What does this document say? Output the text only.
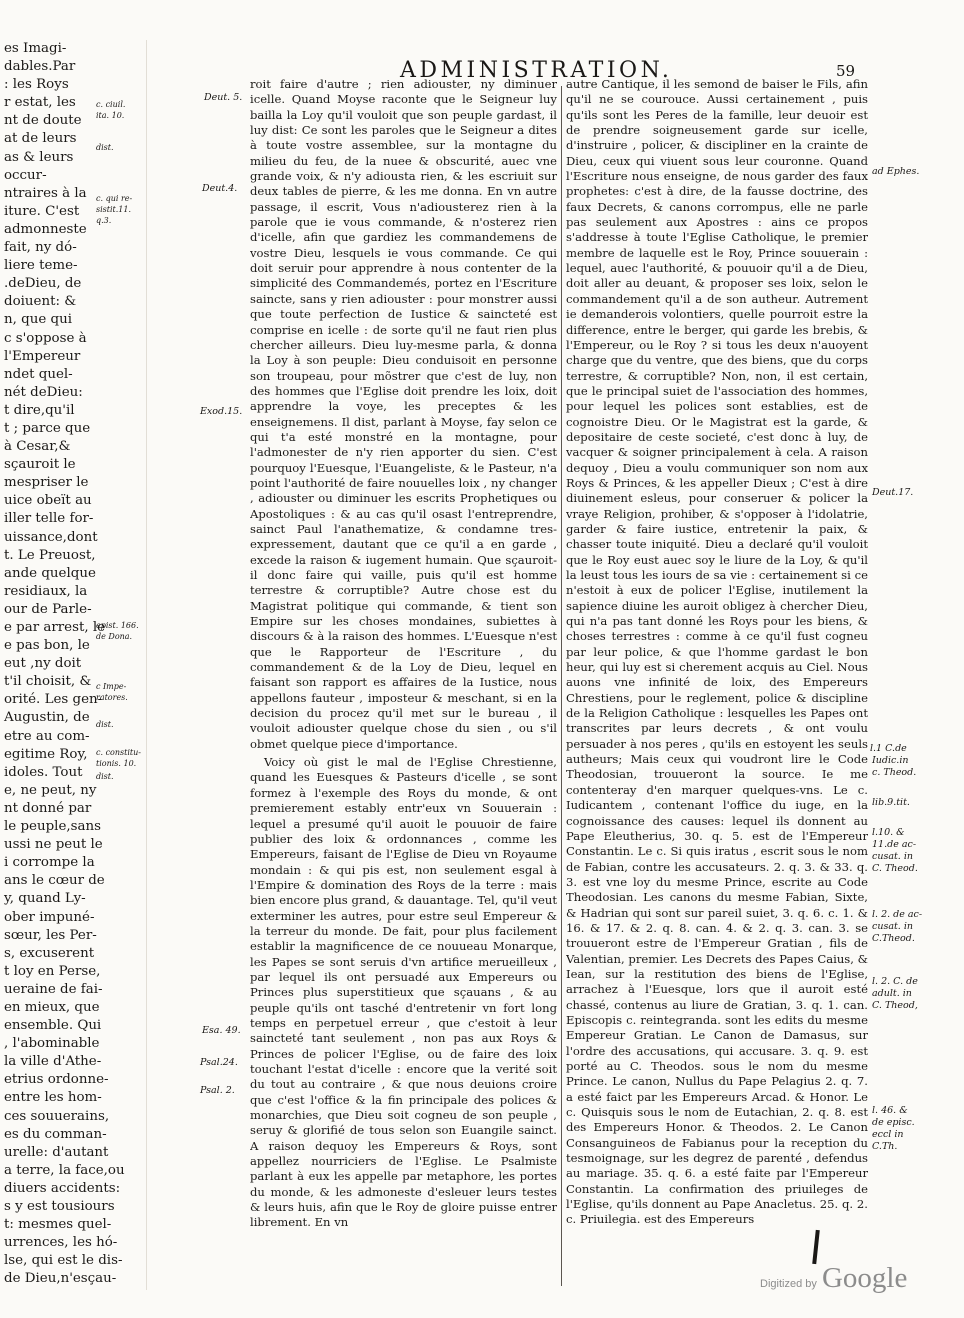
es Imagi-
dables.Par
: les Roys
r estat, les
nt de doute
at de leurs
as & leurs
occur-
ntraires à la
iture. C'est
admonneste
fait, ny dó-
liere teme-
.deDieu, de
doiuent: &
n, que qui
c s'oppose à
l'Empereur
ndet quel-
nét deDieu:
t dire,qu'il
t ; parce que
à Cesar,&
sçauroit le
mespriser le
uice obeït au
iller telle for-
uissance,dont
t. Le Preuost,
ande quelque
residiaux, la
our de Parle-
e par arrest, le
e pas bon, le
eut ,ny doit
t'il choisit, &
orité. Les gen-
Augustin, de
etre au com-
egitime Roy,
idoles. Tout
e, ne peut, ny
nt donné par
le peuple,sans
ussi ne peut le
i corrompe la
ans le cœur de
y, quand Ly-
ober impuné-
sœur, les Per-
s, excuserent
t loy en Perse,
ueraine de fai-
en mieux, que
ensemble. Qui
, l'abominable
la ville d'Athe-
etrius ordonne-
entre les hom-
ces souuerains,
es du comman-
urelle: d'autant
a terre, la face,ou
diuers accidents:
s y est tousiours
t: mesmes quel-
urrences, les hó-
lse, qui est le dis-
de Dieu,n'esçau-
c. ciuil.
ita. 10.
dist.
c. qui re-
sistit.11.
q.3.
epist. 166.
de Dona.
c Impe-
ratores.
dist.
c. constitu-
tionis. 10.
dist.
ADMINISTRATION.	59
Deut. 5.
Deut.4.
Exod.15.
Esa. 49.
Psal.24.
Psal. 2.
ad Ephes.
Deut.17.
l.1 C.de
Iudic.in
c. Theod.
lib.9.tit.
l.10. &
11.de ac-
cusat. in
C. Theod.
l. 2. de ac-
cusat. in
C.Theod.
l. 2. C. de
adult. in
C. Theod,
l. 46. &
de episc.
eccl in
C.Th.

roit faire d'autre ; rien adiouster, ny diminuer icelle. Quand Moyse raconte que le Seigneur luy bailla la Loy qu'il vouloit que son peuple gardast, il luy dist: Ce sont les paroles que le Seigneur a dites à toute vostre assemblee, sur la montagne du milieu du feu, de la nuee & obscurité, auec vne grande voix, & n'y adiousta rien, & les escriuit sur deux tables de pierre, & les me donna. En vn autre passage, il escrit, Vous n'adiousterez rien à la parole que ie vous commande, & n'osterez rien d'icelle, afin que gardiez les commandemens de vostre Dieu, lesquels ie vous commande. Ce qui doit seruir pour apprendre à nous contenter de la simplicité des Commandemés, portez en l'Escriture saincte, sans y rien adiouster : pour monstrer aussi que toute perfection de Iustice & saincteté est comprise en icelle : de sorte qu'il ne faut rien plus chercher ailleurs. Dieu luy-mesme parla, & donna la Loy à son peuple: Dieu conduisoit en personne son troupeau, pour mõstrer que c'est de luy, non des hommes que l'Eglise doit prendre les loix, doit apprendre la voye, les preceptes & les enseignemens. Il dist, parlant à Moyse, fay selon ce qui t'a esté monstré en la montagne, pour l'admonester de n'y rien apporter du sien. C'est pourquoy l'Euesque, l'Euangeliste, & le Pasteur, n'a point l'authorité de faire nouuelles loix , ny changer , adiouster ou diminuer les escrits Prophetiques ou Apostoliques : & au cas qu'il osast l'entreprendre, sainct Paul l'anathematize, & condamne tres-expressement, dautant que ce qu'il a en garde , excede la raison & iugement humain. Que sçauroit-il donc faire qui vaille, puis qu'il est homme terrestre & corruptible? Autre chose est du Magistrat politique qui commande, & tient son Empire sur les choses mondaines, subiettes à discours & à la raison des hommes. L'Euesque n'est que le Rapporteur de l'Escriture , du commandement & de la Loy de Dieu, lequel en faisant son rapport es affaires de la Iustice, nous appellons fauteur , imposteur & meschant, si en la decision du procez qu'il met sur le bureau , il vouloit adiouster quelque chose du sien , ou s'il obmet quelque piece d'importance.

Voicy où gist le mal de l'Eglise Chrestienne, quand les Euesques & Pasteurs d'icelle , se sont formez à l'exemple des Roys du monde, & ont premierement estably entr'eux vn Souuerain : lequel a presumé qu'il auoit le pouuoir de faire publier des loix & ordonnances , comme les Empereurs, faisant de l'Eglise de Dieu vn Royaume mondain : & qui pis est, non seulement esgal à l'Empire & domination des Roys de la terre : mais bien encore plus grand, & dauantage. Tel, qu'il veut exterminer les autres, pour estre seul Empereur & la terreur du monde. De fait, pour plus facilement establir la magnificence de ce nouueau Monarque, les Papes se sont seruis d'vn artifice merueilleux , par lequel ils ont persuadé aux Empereurs ou Princes plus superstitieux que sçauans , & au peuple qu'ils ont tasché d'entretenir vn fort long temps en perpetuel erreur , que c'estoit à leur saincteté tant seulement , non pas aux Roys & Princes de policer l'Eglise, ou de faire des loix touchant l'estat d'icelle : encore que la verité soit du tout au contraire , & que nous deuions croire que c'est l'office & la fin principale des polices & monarchies, que Dieu soit cogneu de son peuple , seruy & glorifié de tous selon son Euangile sainct. A raison dequoy les Empereurs & Roys, sont appellez nourriciers de l'Eglise. Le Psalmiste parlant à eux les appelle par metaphore, les portes du monde, & les admoneste d'esleuer leurs testes & leurs huis, afin que le Roy de gloire puisse entrer librement. En vn

autre Cantique, il les semond de baiser le Fils, afin qu'il ne se courouce. Aussi certainement , puis qu'ils sont les Peres de la famille, leur deuoir est de prendre soigneusement garde sur icelle, d'instruire , policer, & discipliner en la crainte de Dieu, ceux qui viuent sous leur couronne. Quand l'Escriture nous enseigne, de nous garder des faux prophetes: c'est à dire, de la fausse doctrine, des faux Decrets, & canons corrompus, elle ne parle pas seulement aux Apostres : ains ce propos s'addresse à toute l'Eglise Catholique, le premier membre de laquelle est le Roy, Prince souuerain : lequel, auec l'authorité, & pouuoir qu'il a de Dieu, doit aller au deuant, & proposer ses loix, selon le commandement qu'il a de son autheur. Autrement ie demanderois volontiers, quelle pourroit estre la difference, entre le berger, qui garde les brebis, & l'Empereur, ou le Roy ? si tous les deux n'auoyent charge que du ventre, que des biens, que du corps terrestre, & corruptible? Non, non, il est certain, que le principal suiet de l'association des hommes, pour lequel les polices sont establies, est de cognoistre Dieu. Or le Magistrat est la garde, & depositaire de ceste societé, c'est donc à luy, de vacquer & soigner principalement à cela. A raison dequoy , Dieu a voulu communiquer son nom aux Roys & Princes, & les appeller Dieux ; C'est à dire diuinement esleus, pour conseruer & policer la vraye Religion, prohiber, & s'opposer à l'idolatrie, garder & faire iustice, entretenir la paix, & chasser toute iniquité. Dieu a declaré qu'il vouloit que le Roy eust auec soy le liure de la Loy, & qu'il la leust tous les iours de sa vie : certainement si ce n'estoit à eux de policer l'Eglise, inutilement la sapience diuine les auroit obligez à chercher Dieu, qui n'a pas tant donné les Roys pour les biens, & choses terrestres : comme à ce qu'il fust cogneu par leur police, & que l'homme gardast le bon heur, qui luy est si cherement acquis au Ciel. Nous auons vne infinité de loix, des Empereurs Chrestiens, pour le reglement, police & discipline de la Religion Catholique : lesquelles les Papes ont transcrites par leurs decrets , & ont voulu persuader à nos peres , qu'ils en estoyent les seuls autheurs; Mais ceux qui voudront lire le Code Theodosian, trouueront la source. Ie me contenteray d'en marquer quelques-vns. Le c. Iudicantem , contenant l'office du iuge, en la cognoissance des causes: lequel ils donnent au Pape Eleutherius, 30. q. 5. est de l'Empereur Constantin. Le c. Si quis iratus , escrit sous le nom de Fabian, contre les accusateurs. 2. q. 3. & 33. q. 3. est vne loy du mesme Prince, escrite au Code Theodosian. Les canons du mesme Fabian, Sixte, & Hadrian qui sont sur pareil suiet, 3. q. 6. c. 1. & 16. & 17. & 2. q. 8. can. 4. & 2. q. 3. can. 3. se trouueront estre de l'Empereur Gratian , fils de Valentian, premier. Les Decrets des Papes Caius, & Iean, sur la restitution des biens de l'Eglise, arrachez à l'Euesque, lors que il auroit esté chassé, contenus au liure de Gratian, 3. q. 1. can. Episcopis c. reintegranda. sont les edits du mesme Empereur Gratian. Le Canon de Damasus, sur l'ordre des accusations, qui accusare. 3. q. 9. est porté au C. Theodos. sous le nom du mesme Prince. Le canon, Nullus du Pape Pelagius 2. q. 7. a esté faict par les Empereurs Arcad. & Honor. Le c. Quisquis sous le nom de Eutachian, 2. q. 8. est des Empereurs Honor. & Theodos. 2. Le Canon Consanguineos de Fabianus pour la reception du tesmoignage, sur les degrez de parenté , defendus au mariage. 35. q. 6. a esté faite par l'Empereur Constantin. La confirmation des priuileges de l'Eglise, qu'ils donnent au Pape Anacletus. 25. q. 2. c. Priuilegia. est des Empereurs

Digitized by Google
